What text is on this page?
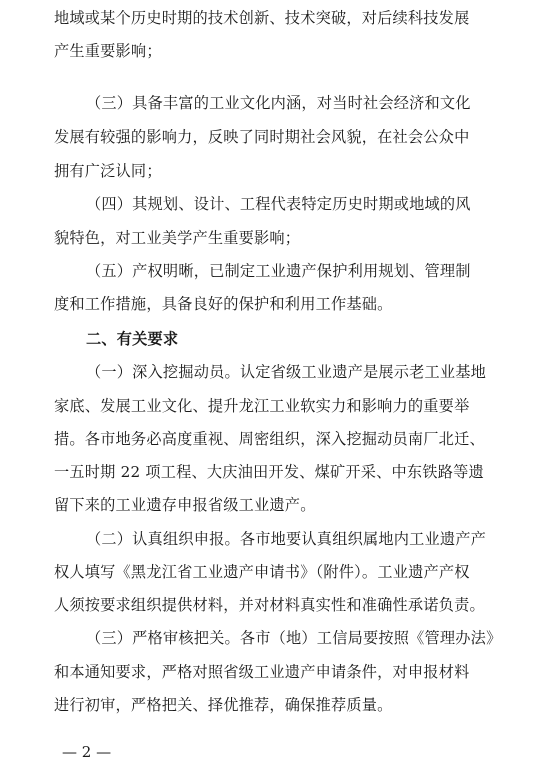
地域或某个历史时期的技术创新、技术突破，对后续科技发展
产生重要影响；
（三）具备丰富的工业文化内涵，对当时社会经济和文化
发展有较强的影响力，反映了同时期社会风貌，在社会公众中
拥有广泛认同；
（四）其规划、设计、工程代表特定历史时期或地域的风
貌特色，对工业美学产生重要影响；
（五）产权明晰，已制定工业遗产保护利用规划、管理制
度和工作措施，具备良好的保护和利用工作基础。
二、有关要求
（一）深入挖掘动员。认定省级工业遗产是展示老工业基地
家底、发展工业文化、提升龙江工业软实力和影响力的重要举
措。各市地务必高度重视、周密组织，深入挖掘动员南厂北迁、
一五时期 22 项工程、大庆油田开发、煤矿开采、中东铁路等遗
留下来的工业遗存申报省级工业遗产。
（二）认真组织申报。各市地要认真组织属地内工业遗产产
权人填写《黑龙江省工业遗产申请书》（附件）。工业遗产产权
人须按要求组织提供材料，并对材料真实性和准确性承诺负责。
（三）严格审核把关。各市（地）工信局要按照《管理办法》
和本通知要求，严格对照省级工业遗产申请条件，对申报材料
进行初审，严格把关、择优推荐，确保推荐质量。
— 2 —
